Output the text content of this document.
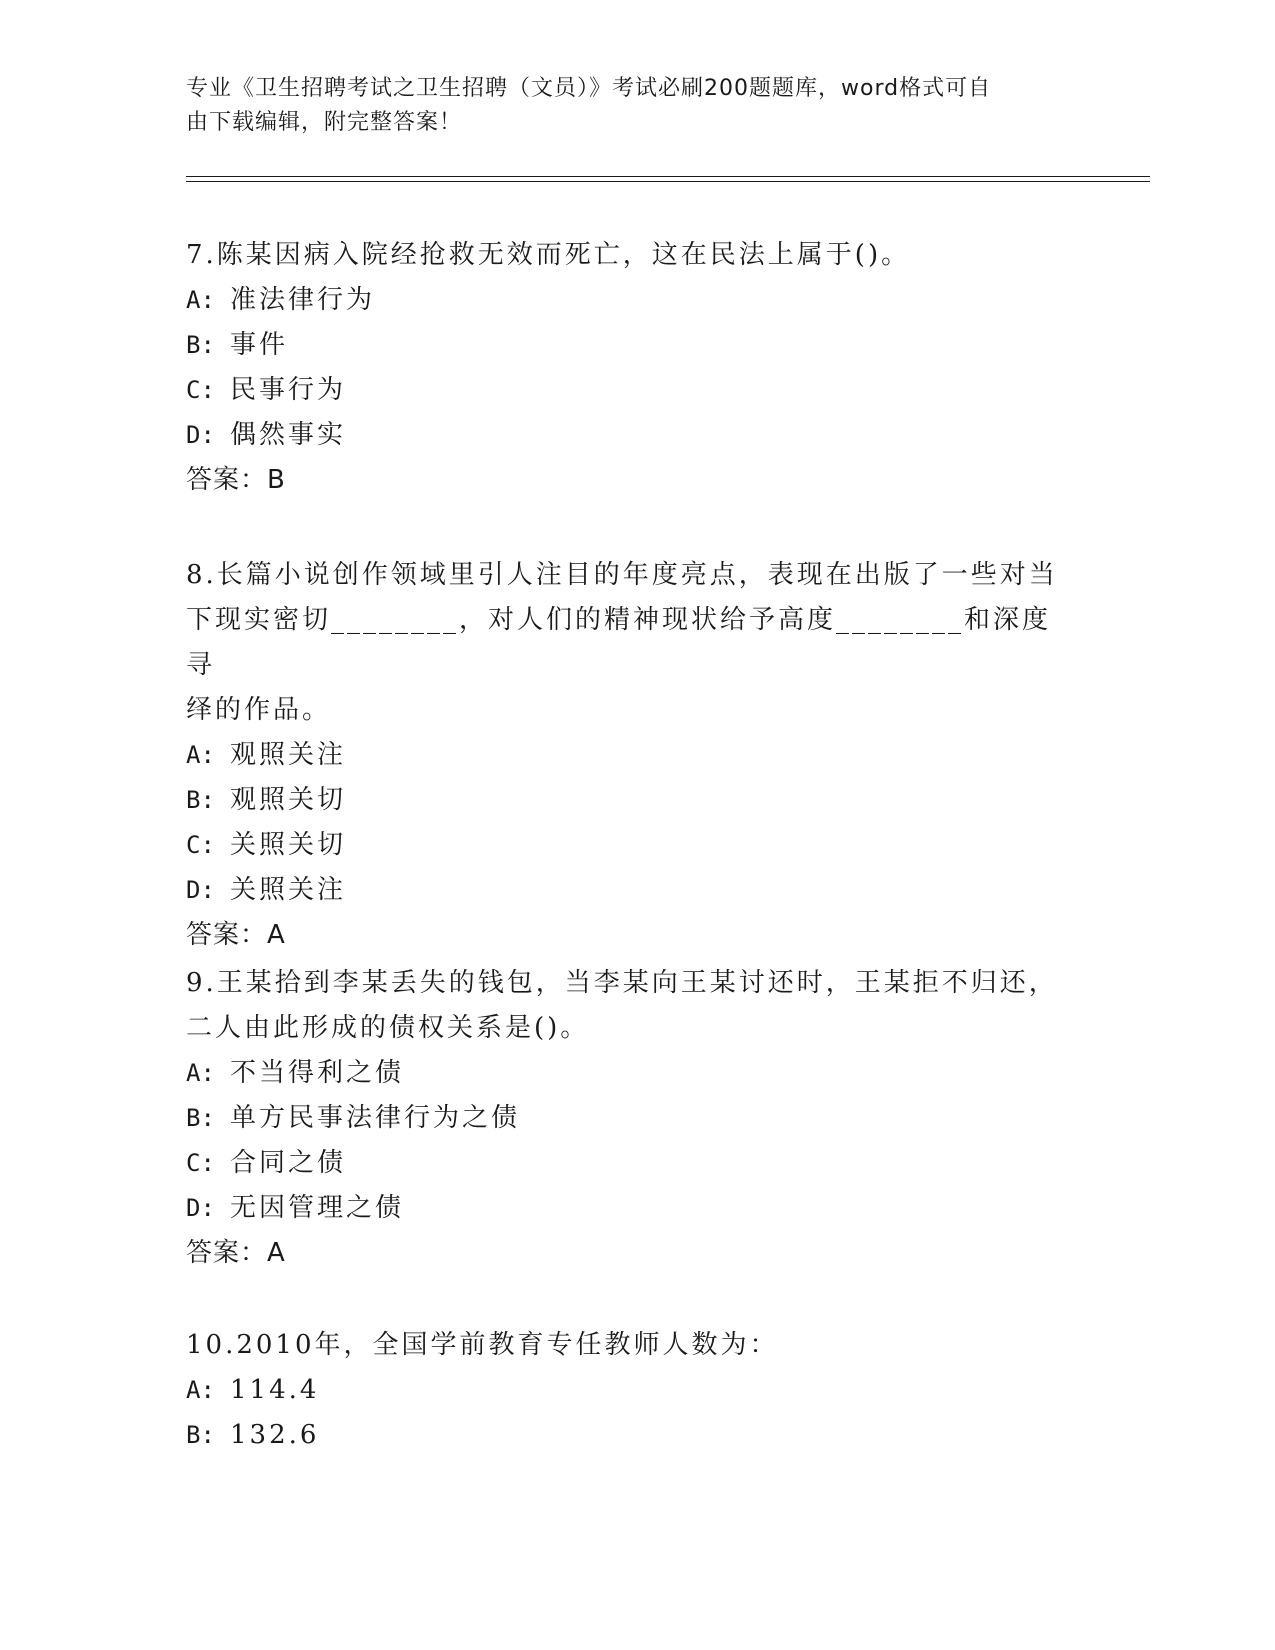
专业《卫生招聘考试之卫生招聘（文员）》考试必刷200题题库，word格式可自
由下载编辑，附完整答案！

7.陈某因病入院经抢救无效而死亡，这在民法上属于()。

A: 准法律行为

B: 事件

C: 民事行为

D: 偶然事实

答案：B

8.长篇小说创作领域里引人注目的年度亮点，表现在出版了一些对当

下现实密切________，对人们的精神现状给予高度________和深度寻

绎的作品。

A: 观照关注

B: 观照关切

C: 关照关切

D: 关照关注

答案：A

9.王某拾到李某丢失的钱包，当李某向王某讨还时，王某拒不归还，

二人由此形成的债权关系是()。

A: 不当得利之债

B: 单方民事法律行为之债

C: 合同之债

D: 无因管理之债

答案：A

10.2010年，全国学前教育专任教师人数为：

A: 114.4

B: 132.6
